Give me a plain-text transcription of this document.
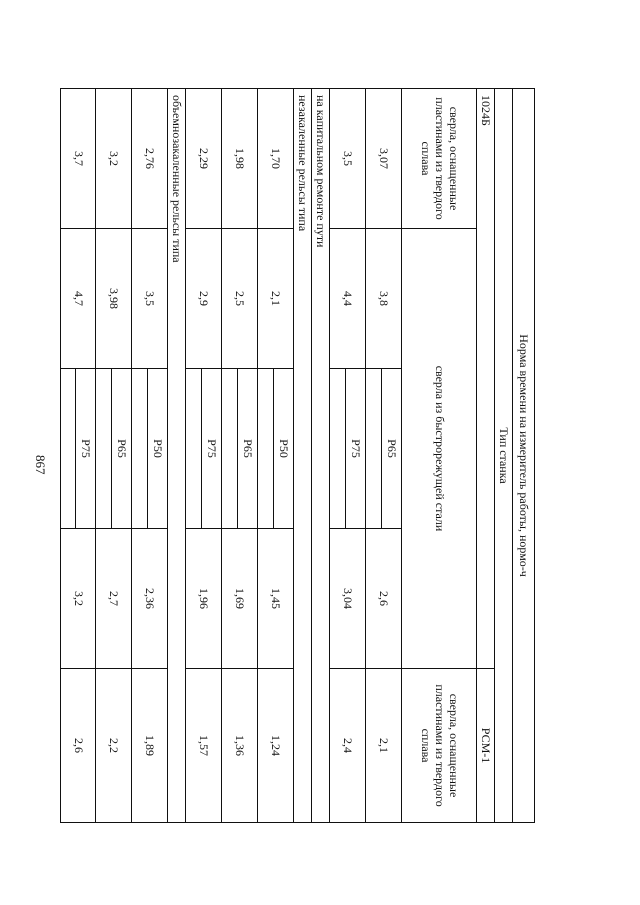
867	Норма времени на измеритель работы, нормо-ч				
Тип станка				
1024Б				РСМ-1
сверла, оснащенные пластинами из твердого сплава	сверла из быстрорежущей стали			сверла, оснащенные пластинами из твердого сплава
3,07	3,8	Р65	2,6	2,1

3,5	4,4	Р75	3,04	2,4

на капитальном ремонте пути				
незакаленные рельсы типа				
1,70	2,1	Р50	1,45	1,24

1,98	2,5	Р65	1,69	1,36

2,29	2,9	Р75	1,96	1,57

объемнозакаленные рельсы типа				
2,76	3,5	Р50	2,36	1,89

3,2	3,98	Р65	2,7	2,2

3,7	4,7	Р75	3,2	2,6
